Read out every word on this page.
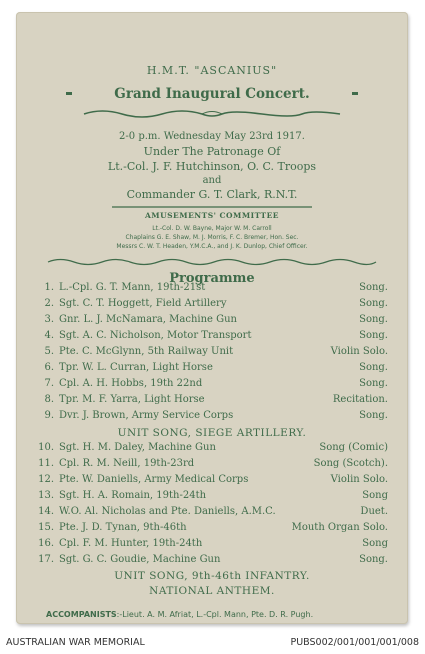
H.M.T. "ASCANIUS"
Grand Inaugural Concert.
2-0 p.m. Wednesday May 23rd 1917.
Under The Patronage Of
Lt.-Col. J. F. Hutchinson, O. C. Troops
and
Commander G. T. Clark, R.N.T.
AMUSEMENTS' COMMITTEE
Lt.-Col. D. W. Bayne, Major W. M. Carroll
Chaplains G. E. Shaw, M. J. Morris, F. C. Bremer, Hon. Sec.
Messrs C. W. T. Headen, Y.M.C.A., and J. K. Dunlop, Chief Officer.
Programme
1. L.-Cpl. G. T. Mann, 19th-21st	Song.
2. Sgt. C. T. Hoggett, Field Artillery	Song.
3. Gnr. L. J. McNamara, Machine Gun	Song.
4. Sgt. A. C. Nicholson, Motor Transport	Song.
5. Pte. C. McGlynn, 5th Railway Unit	Violin Solo.
6. Tpr. W. L. Curran, Light Horse	Song.
7. Cpl. A. H. Hobbs, 19th 22nd	Song.
8. Tpr. M. F. Yarra, Light Horse	Recitation.
9. Dvr. J. Brown, Army Service Corps	Song.
UNIT SONG, SIEGE ARTILLERY.
10. Sgt. H. M. Daley, Machine Gun	Song (Comic)
11. Cpl. R. M. Neill, 19th-23rd	Song (Scotch).
12. Pte. W. Daniells, Army Medical Corps	Violin Solo.
13. Sgt. H. A. Romain, 19th-24th	Song
14. W.O. Al. Nicholas and Pte. Daniells, A.M.C.	Duet.
15. Pte. J. D. Tynan, 9th-46th	Mouth Organ Solo.
16. Cpl. F. M. Hunter, 19th-24th	Song
17. Sgt. G. C. Goudie, Machine Gun	Song.
UNIT SONG, 9th-46th INFANTRY.
NATIONAL ANTHEM.
ACCOMPANISTS:-Lieut. A. M. Afriat, L.-Cpl. Mann, Pte. D. R. Pugh.
AUSTRALIAN WAR MEMORIAL	PUBS002/001/001/001/008
